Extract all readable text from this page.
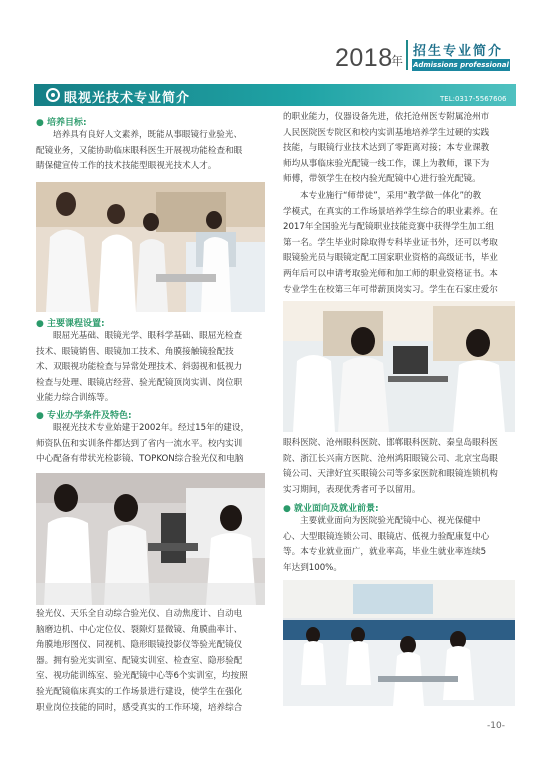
2018
年
招生专业简介
Admissions professional profile
眼视光技术专业简介	TEL:0317-5567606
● 培养目标:
培养具有良好人文素养，既能从事眼镜行业验光、
配镜业务，又能协助临床眼科医生开展视功能检查和眼
睛保健宣传工作的技术技能型眼视光技术人才。
● 主要课程设置:
眼屈光基础、眼镜光学、眼科学基础、眼屈光检查
技术、眼镜销售、眼镜加工技术、角膜接触镜验配技
术、双眼视功能检查与异常处理技术、斜弱视和低视力
检查与处理、眼镜店经营、验光配镜顶岗实训、岗位职
业能力综合训练等。
● 专业办学条件及特色:
眼视光技术专业始建于2002年。经过15年的建设，
师资队伍和实训条件都达到了省内一流水平。校内实训
中心配备有带状光检影镜、TOPKON综合验光仪和电脑
验光仪、天乐全自动综合验光仪、自动焦度计、自动电
脑磨边机、中心定位仪、裂隙灯显微镜、角膜曲率计、
角膜地形图仪、同视机、隐形眼镜投影仪等验光配镜仪
器。拥有验光实训室、配镜实训室、检查室、隐形验配
室、视功能训练室、验光配镜中心等6个实训室，均按照
验光配镜临床真实的工作场景进行建设，使学生在强化
职业岗位技能的同时，感受真实的工作环境，培养综合
的职业能力，仪器设备先进，依托沧州医专附属沧州市
人民医院医专院区和校内实训基地培养学生过硬的实践
技能，与眼镜行业技术达到了零距离对接；本专业课教
师均从事临床验光配镜一线工作，课上为教师，课下为
师傅，带领学生在校内验光配镜中心进行验光配镜。
本专业施行“师带徒”，采用“教学做一体化”的教
学模式，在真实的工作场景培养学生综合的职业素养。在
2017年全国验光与配镜职业技能竞赛中获得学生加工组
第一名。学生毕业时除取得专科毕业证书外，还可以考取
眼镜验光员与眼镜定配工国家职业资格的高级证书，毕业
两年后可以申请考取验光师和加工师的职业资格证书。本
专业学生在校第三年可带薪顶岗实习。学生在石家庄爱尔
眼科医院、沧州眼科医院、邯郸眼科医院、秦皇岛眼科医
院、浙江长兴南方医院、沧州鸿阳眼镜公司、北京宝岛眼
镜公司、天津好宜买眼镜公司等多家医院和眼镜连锁机构
实习期间，表现优秀者可予以留用。
● 就业面向及就业前景:
主要就业面向为医院验光配镜中心、视光保健中
心、大型眼镜连锁公司、眼镜店、低视力验配康复中心
等。本专业就业面广，就业率高，毕业生就业率连续5
年达到100%。
-10-
